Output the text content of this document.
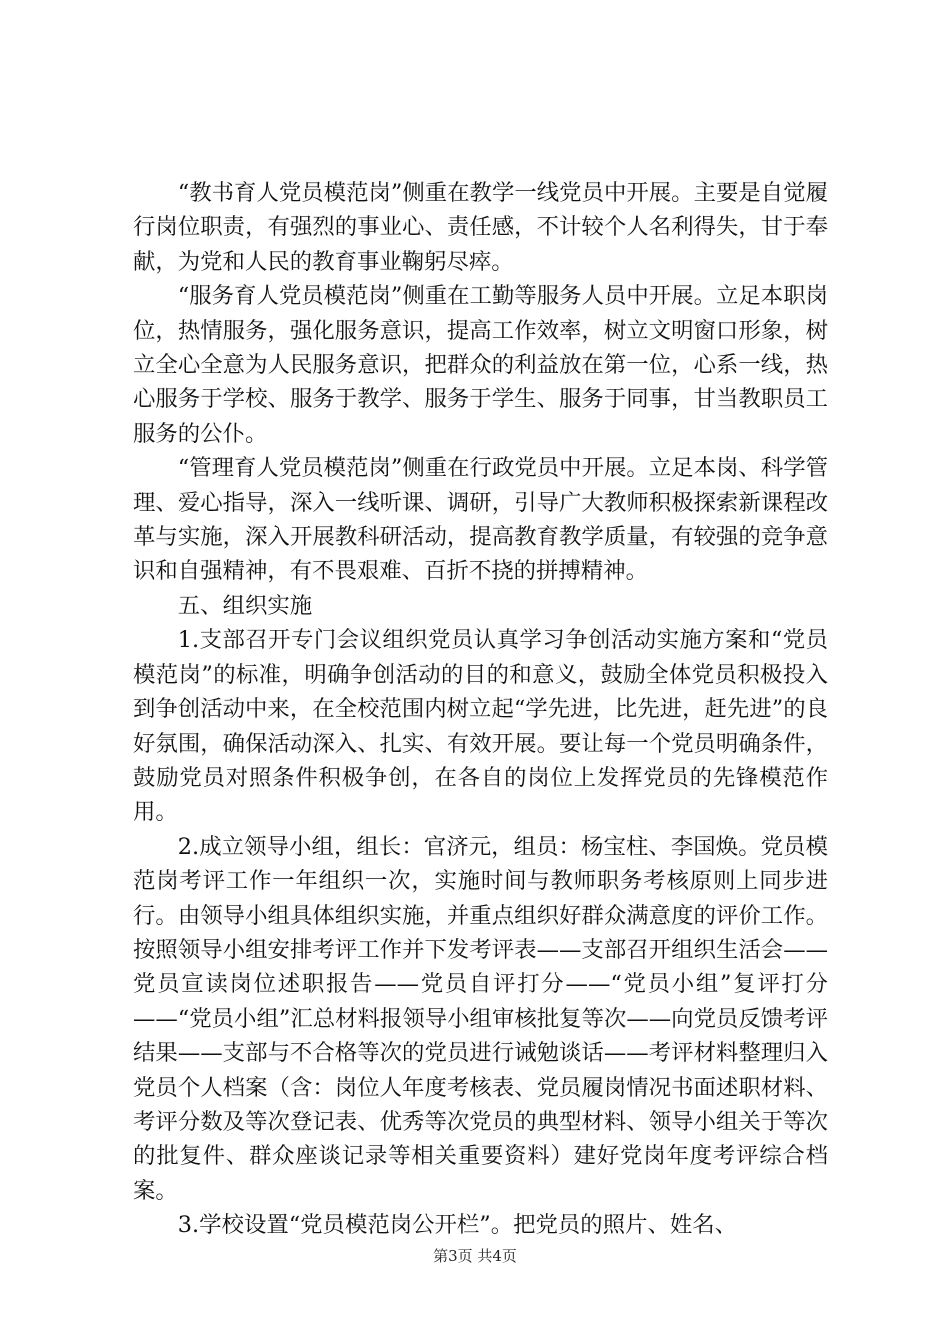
“教书育人党员模范岗”侧重在教学一线党员中开展。主要是自觉履行岗位职责，有强烈的事业心、责任感，不计较个人名利得失，甘于奉献，为党和人民的教育事业鞠躬尽瘁。

“服务育人党员模范岗”侧重在工勤等服务人员中开展。立足本职岗位，热情服务，强化服务意识，提高工作效率，树立文明窗口形象，树立全心全意为人民服务意识，把群众的利益放在第一位，心系一线，热心服务于学校、服务于教学、服务于学生、服务于同事，甘当教职员工服务的公仆。

“管理育人党员模范岗”侧重在行政党员中开展。立足本岗、科学管理、爱心指导，深入一线听课、调研，引导广大教师积极探索新课程改革与实施，深入开展教科研活动，提高教育教学质量，有较强的竞争意识和自强精神，有不畏艰难、百折不挠的拼搏精神。

五、组织实施

1.支部召开专门会议组织党员认真学习争创活动实施方案和“党员模范岗”的标准，明确争创活动的目的和意义，鼓励全体党员积极投入到争创活动中来，在全校范围内树立起“学先进，比先进，赶先进”的良好氛围，确保活动深入、扎实、有效开展。要让每一个党员明确条件，鼓励党员对照条件积极争创，在各自的岗位上发挥党员的先锋模范作用。

2.成立领导小组，组长：官济元，组员：杨宝柱、李国焕。党员模范岗考评工作一年组织一次，实施时间与教师职务考核原则上同步进行。由领导小组具体组织实施，并重点组织好群众满意度的评价工作。按照领导小组安排考评工作并下发考评表——支部召开组织生活会——党员宣读岗位述职报告——党员自评打分——“党员小组”复评打分——“党员小组”汇总材料报领导小组审核批复等次——向党员反馈考评结果——支部与不合格等次的党员进行诫勉谈话——考评材料整理归入党员个人档案（含：岗位人年度考核表、党员履岗情况书面述职材料、考评分数及等次登记表、优秀等次党员的典型材料、领导小组关于等次的批复件、群众座谈记录等相关重要资料）建好党岗年度考评综合档案。

3.学校设置“党员模范岗公开栏”。把党员的照片、姓名、

第3页 共4页
